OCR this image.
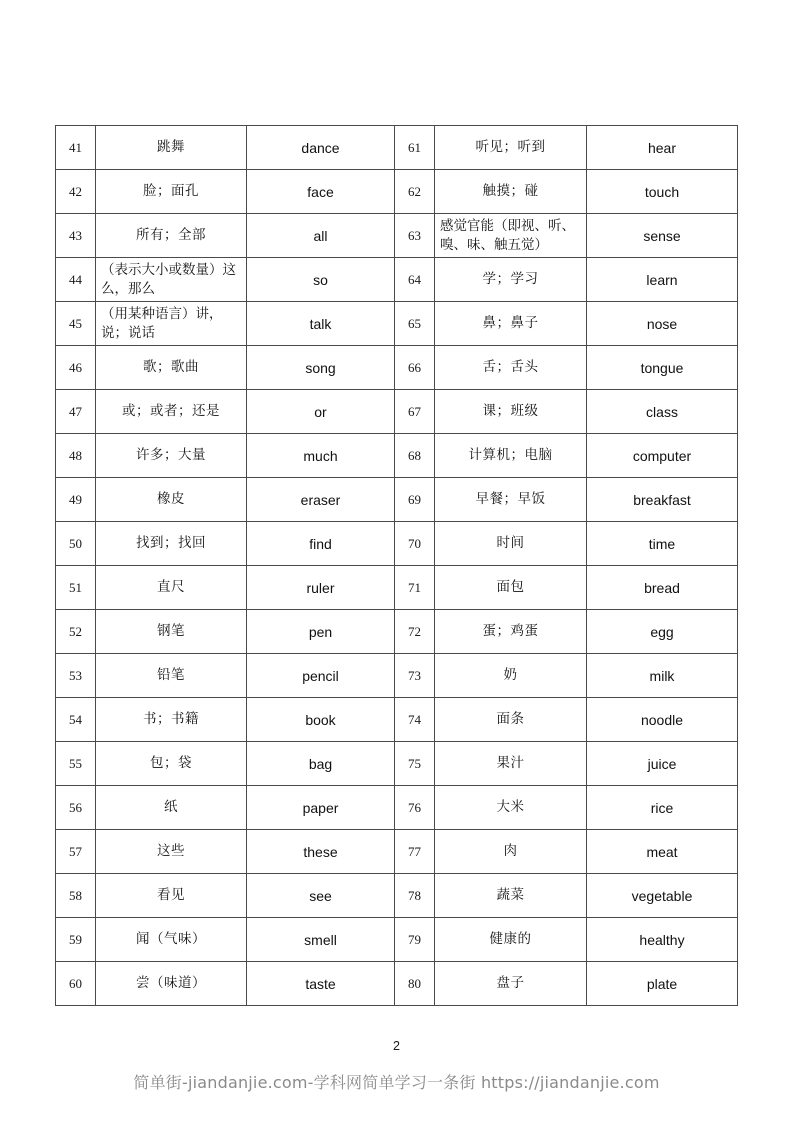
41	跳舞	dance	61	听见；听到	hear
42	脸；面孔	face	62	触摸；碰	touch
43	所有；全部	all	63	感觉官能（即视、听、嗅、味、触五觉）	sense
44	（表示大小或数量）这么，那么	so	64	学；学习	learn
45	（用某种语言）讲，说；说话	talk	65	鼻；鼻子	nose
46	歌；歌曲	song	66	舌；舌头	tongue
47	或；或者；还是	or	67	课；班级	class
48	许多；大量	much	68	计算机；电脑	computer
49	橡皮	eraser	69	早餐；早饭	breakfast
50	找到；找回	find	70	时间	time
51	直尺	ruler	71	面包	bread
52	钢笔	pen	72	蛋；鸡蛋	egg
53	铅笔	pencil	73	奶	milk
54	书；书籍	book	74	面条	noodle
55	包；袋	bag	75	果汁	juice
56	纸	paper	76	大米	rice
57	这些	these	77	肉	meat
58	看见	see	78	蔬菜	vegetable
59	闻（气味）	smell	79	健康的	healthy
60	尝（味道）	taste	80	盘子	plate
2
简单街-jiandanjie.com-学科网简单学习一条街 https://jiandanjie.com
